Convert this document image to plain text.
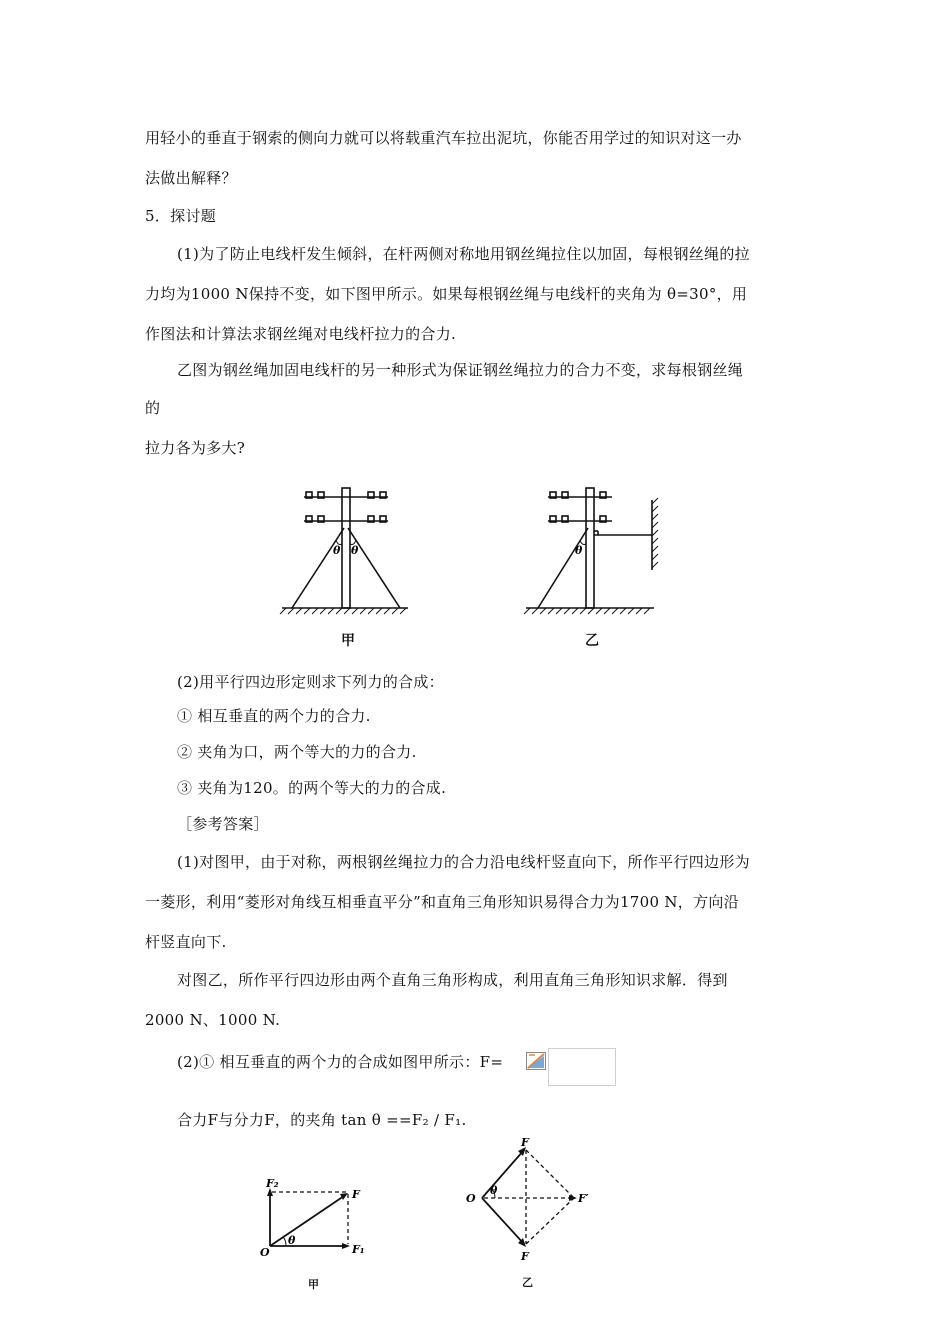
用轻小的垂直于钢索的侧向力就可以将载重汽车拉出泥坑，你能否用学过的知识对这一办
法做出解释？
5．探讨题
(1)为了防止电线杆发生倾斜，在杆两侧对称地用钢丝绳拉住以加固，每根钢丝绳的拉
力均为1000 N保持不变，如下图甲所示。如果每根钢丝绳与电线杆的夹角为 θ=30°，用
作图法和计算法求钢丝绳对电线杆拉力的合力.
乙图为钢丝绳加固电线杆的另一种形式为保证钢丝绳拉力的合力不变，求每根钢丝绳
的
拉力各为多大?
θ θ
甲
θ
乙
(2)用平行四边形定则求下列力的合成：
① 相互垂直的两个力的合力.
② 夹角为口，两个等大的力的合力.
③ 夹角为120。的两个等大的力的合成.
［参考答案］
(1)对图甲，由于对称，两根钢丝绳拉力的合力沿电线杆竖直向下，所作平行四边形为
一菱形，利用“菱形对角线互相垂直平分”和直角三角形知识易得合力为1700 N，方向沿
杆竖直向下.
对图乙，所作平行四边形由两个直角三角形构成，利用直角三角形知识求解．得到
2000 N、1000 N.
(2)① 相互垂直的两个力的合成如图甲所示：F=
合力F与分力F，的夹角 tan θ ==F₂ / F₁.
F₂
F
F₁
O
θ
甲
F
F
O	F′
θ
乙
